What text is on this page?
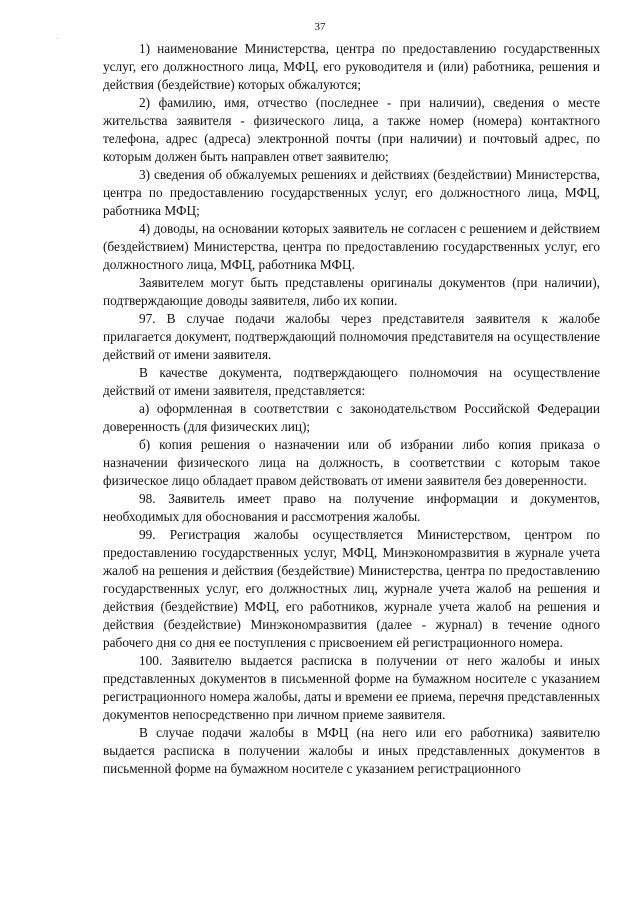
37
.

1) наименование Министерства, центра по предоставлению государственных услуг, его должностного лица, МФЦ, его руководителя и (или) работника, решения и действия (бездействие) которых обжалуются;

2) фамилию, имя, отчество (последнее - при наличии), сведения о месте жительства заявителя - физического лица, а также номер (номера) контактного телефона, адрес (адреса) электронной почты (при наличии) и почтовый адрес, по которым должен быть направлен ответ заявителю;

3) сведения об обжалуемых решениях и действиях (бездействии) Министерства, центра по предоставлению государственных услуг, его должностного лица, МФЦ, работника МФЦ;

4) доводы, на основании которых заявитель не согласен с решением и действием (бездействием) Министерства, центра по предоставлению государственных услуг, его должностного лица, МФЦ, работника МФЦ.

Заявителем могут быть представлены оригиналы документов (при наличии), подтверждающие доводы заявителя, либо их копии.

97. В случае подачи жалобы через представителя заявителя к жалобе прилагается документ, подтверждающий полномочия представителя на осуществление действий от имени заявителя.

В качестве документа, подтверждающего полномочия на осуществление действий от имени заявителя, представляется:

а) оформленная в соответствии с законодательством Российской Федерации доверенность (для физических лиц);

б) копия решения о назначении или об избрании либо копия приказа о назначении физического лица на должность, в соответствии с которым такое физическое лицо обладает правом действовать от имени заявителя без доверенности.

98. Заявитель имеет право на получение информации и документов, необходимых для обоснования и рассмотрения жалобы.

99. Регистрация жалобы осуществляется Министерством, центром по предоставлению государственных услуг, МФЦ, Минэкономразвития в журнале учета жалоб на решения и действия (бездействие) Министерства, центра по предоставлению государственных услуг, его должностных лиц, журнале учета жалоб на решения и действия (бездействие) МФЦ, его работников, журнале учета жалоб на решения и действия (бездействие) Минэкономразвития (далее - журнал) в течение одного рабочего дня со дня ее поступления с присвоением ей регистрационного номера.

100. Заявителю выдается расписка в получении от него жалобы и иных представленных документов в письменной форме на бумажном носителе с указанием регистрационного номера жалобы, даты и времени ее приема, перечня представленных документов непосредственно при личном приеме заявителя.

В случае подачи жалобы в МФЦ (на него или его работника) заявителю выдается расписка в получении жалобы и иных представленных документов в письменной форме на бумажном носителе с указанием регистрационного
